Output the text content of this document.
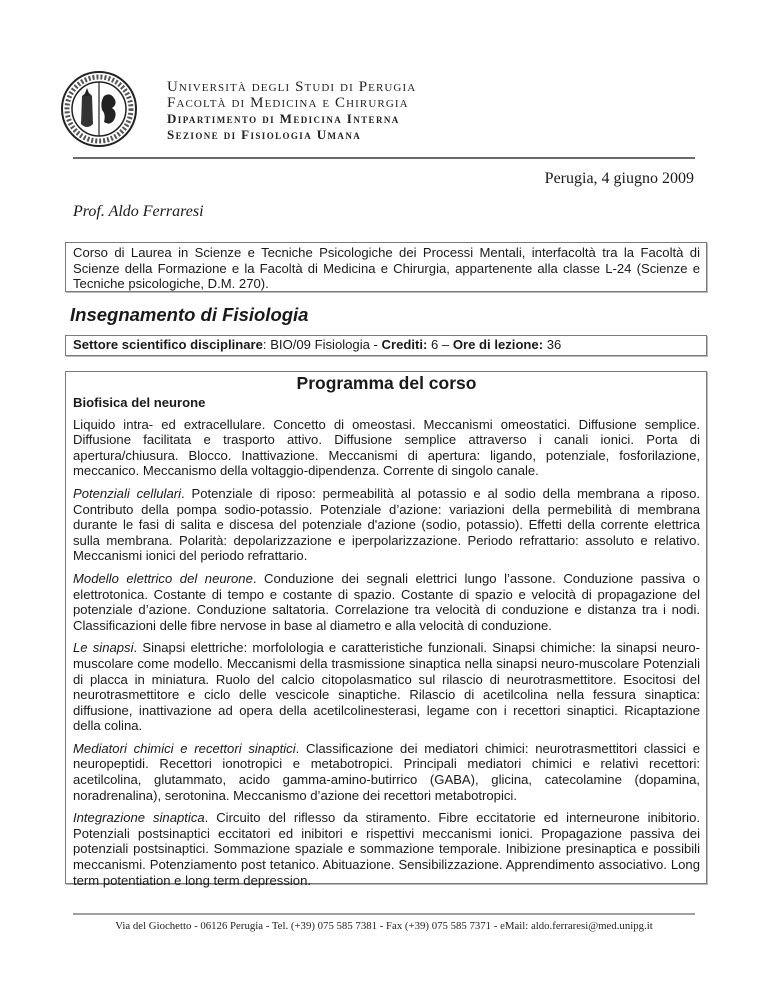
Università degli Studi di Perugia
Facoltà di Medicina e Chirurgia
Dipartimento di Medicina Interna
Sezione di Fisiologia Umana
Perugia, 4 giugno 2009
Prof. Aldo Ferraresi
Corso di Laurea in Scienze e Tecniche Psicologiche dei Processi Mentali, interfacoltà tra la Facoltà di Scienze della Formazione e la Facoltà di Medicina e Chirurgia, appartenente alla classe L-24 (Scienze e Tecniche psicologiche, D.M. 270).
Insegnamento di Fisiologia
Settore scientifico disciplinare: BIO/09 Fisiologia - Crediti: 6 – Ore di lezione: 36
Programma del corso
Biofisica del neurone

Liquido intra- ed extracellulare. Concetto di omeostasi. Meccanismi omeostatici. Diffusione semplice. Diffusione facilitata e trasporto attivo. Diffusione semplice attraverso i canali ionici. Porta di apertura/chiusura. Blocco. Inattivazione. Meccanismi di apertura: ligando, potenziale, fosforilazione, meccanico. Meccanismo della voltaggio-dipendenza. Corrente di singolo canale.

Potenziali cellulari. Potenziale di riposo: permeabilità al potassio e al sodio della membrana a riposo. Contributo della pompa sodio-potassio. Potenziale d’azione: variazioni della permebilità di membrana durante le fasi di salita e discesa del potenziale d'azione (sodio, potassio). Effetti della corrente elettrica sulla membrana. Polarità: depolarizzazione e iperpolarizzazione. Periodo refrattario: assoluto e relativo. Meccanismi ionici del periodo refrattario.

Modello elettrico del neurone. Conduzione dei segnali elettrici lungo l’assone. Conduzione passiva o elettrotonica. Costante di tempo e costante di spazio. Costante di spazio e velocità di propagazione del potenziale d’azione. Conduzione saltatoria. Correlazione tra velocità di conduzione e distanza tra i nodi. Classificazioni delle fibre nervose in base al diametro e alla velocità di conduzione.

Le sinapsi. Sinapsi elettriche: morfolologia e caratteristiche funzionali. Sinapsi chimiche: la sinapsi neuro-muscolare come modello. Meccanismi della trasmissione sinaptica nella sinapsi neuro-muscolare Potenziali di placca in miniatura. Ruolo del calcio citopolasmatico sul rilascio di neurotrasmettitore. Esocitosi del neurotrasmettitore e ciclo delle vescicole sinaptiche. Rilascio di acetilcolina nella fessura sinaptica: diffusione, inattivazione ad opera della acetilcolinesterasi, legame con i recettori sinaptici. Ricaptazione della colina.

Mediatori chimici e recettori sinaptici. Classificazione dei mediatori chimici: neurotrasmettitori classici e neuropeptidi. Recettori ionotropici e metabotropici. Principali mediatori chimici e relativi recettori: acetilcolina, glutammato, acido gamma-amino-butirrico (GABA), glicina, catecolamine (dopamina, noradrenalina), serotonina. Meccanismo d’azione dei recettori metabotropici.

Integrazione sinaptica. Circuito del riflesso da stiramento. Fibre eccitatorie ed interneurone inibitorio. Potenziali postsinaptici eccitatori ed inibitori e rispettivi meccanismi ionici. Propagazione passiva dei potenziali postsinaptici. Sommazione spaziale e sommazione temporale. Inibizione presinaptica e possibili meccanismi. Potenziamento post tetanico. Abituazione. Sensibilizzazione. Apprendimento associativo. Long term potentiation e long term depression.

Via del Giochetto - 06126 Perugia - Tel. (+39) 075 585 7381 - Fax (+39) 075 585 7371 - eMail: aldo.ferraresi@med.unipg.it
